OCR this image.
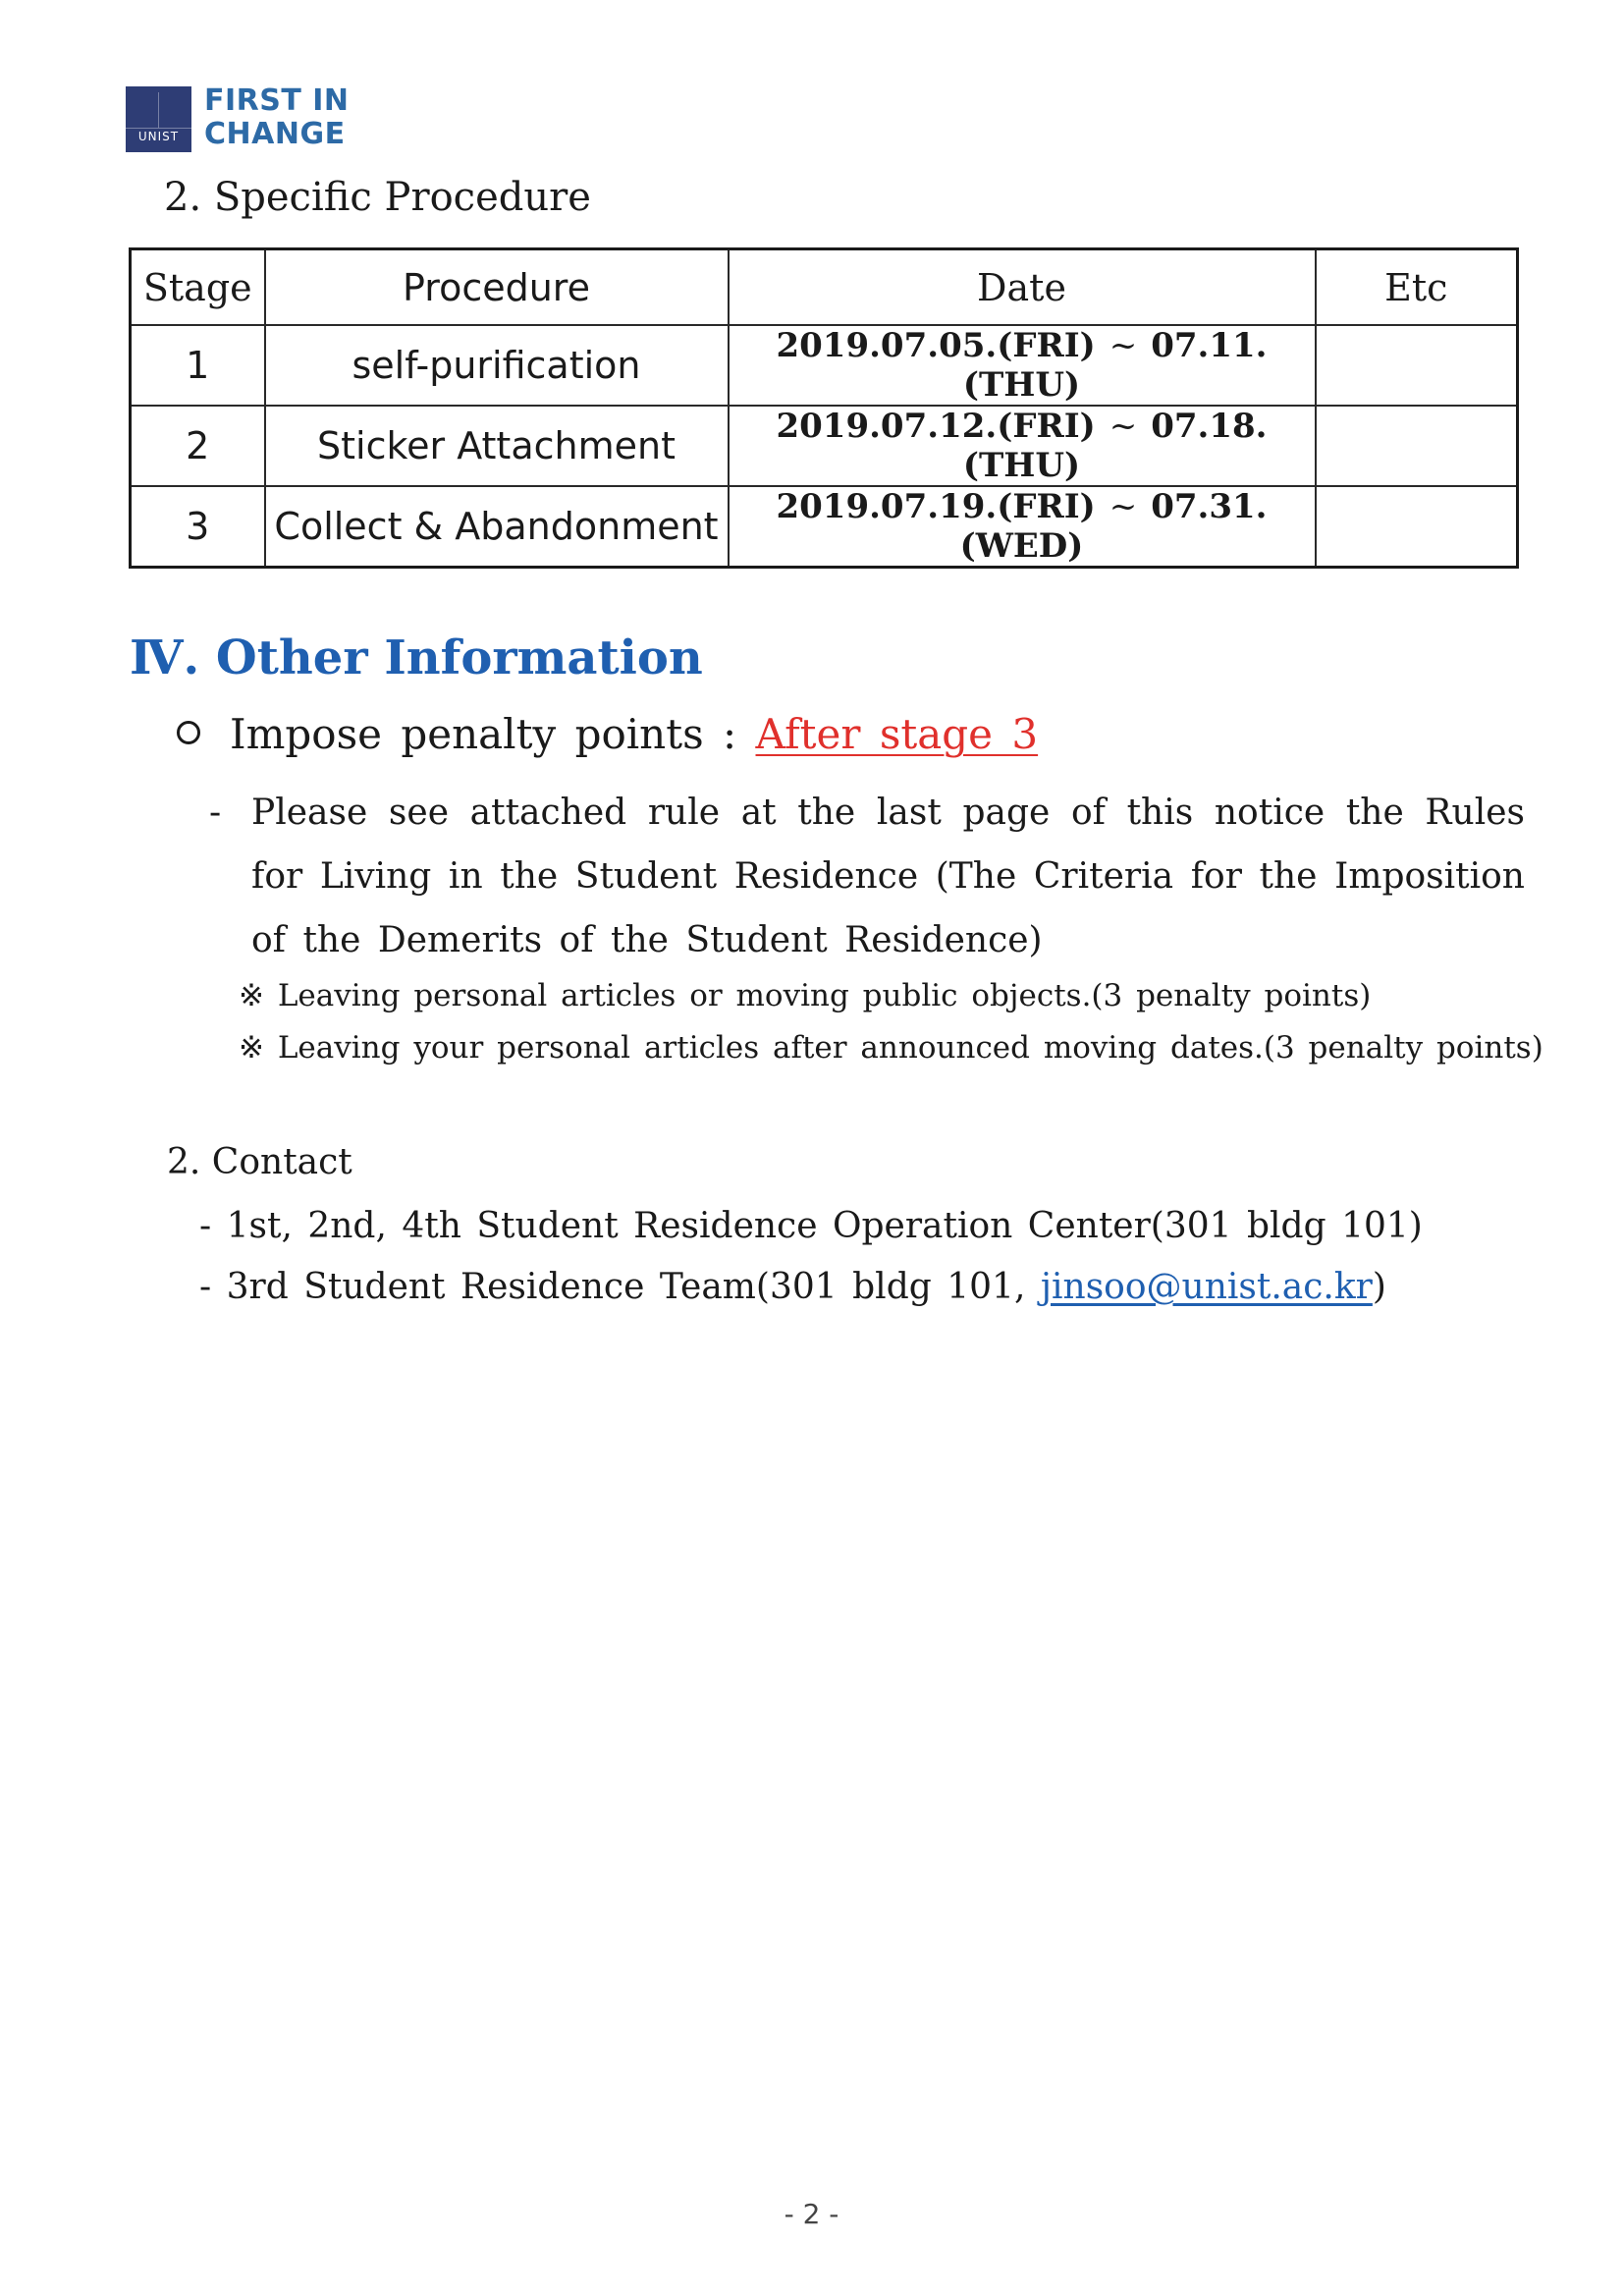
UNIST
FIRST IN
CHANGE
2. Specific Procedure
Stage	Procedure	Date	Etc
1	self-purification	2019.07.05.(FRI) ~ 07.11.(THU)	
2	Sticker Attachment	2019.07.12.(FRI) ~ 07.18.(THU)	
3	Collect & Abandonment	2019.07.19.(FRI) ~ 07.31.(WED)	
Ⅳ. Other Information
Impose penalty points : After stage 3
- Please see attached rule at the last page of this notice the Rules for Living in the Student Residence (The Criteria for the Imposition of the Demerits of the Student Residence)
※ Leaving personal articles or moving public objects.(3 penalty points)
※ Leaving your personal articles after announced moving dates.(3 penalty points)
2. Contact
- 1st, 2nd, 4th Student Residence Operation Center(301 bldg 101)
- 3rd Student Residence Team(301 bldg 101, jinsoo@unist.ac.kr)
- 2 -
